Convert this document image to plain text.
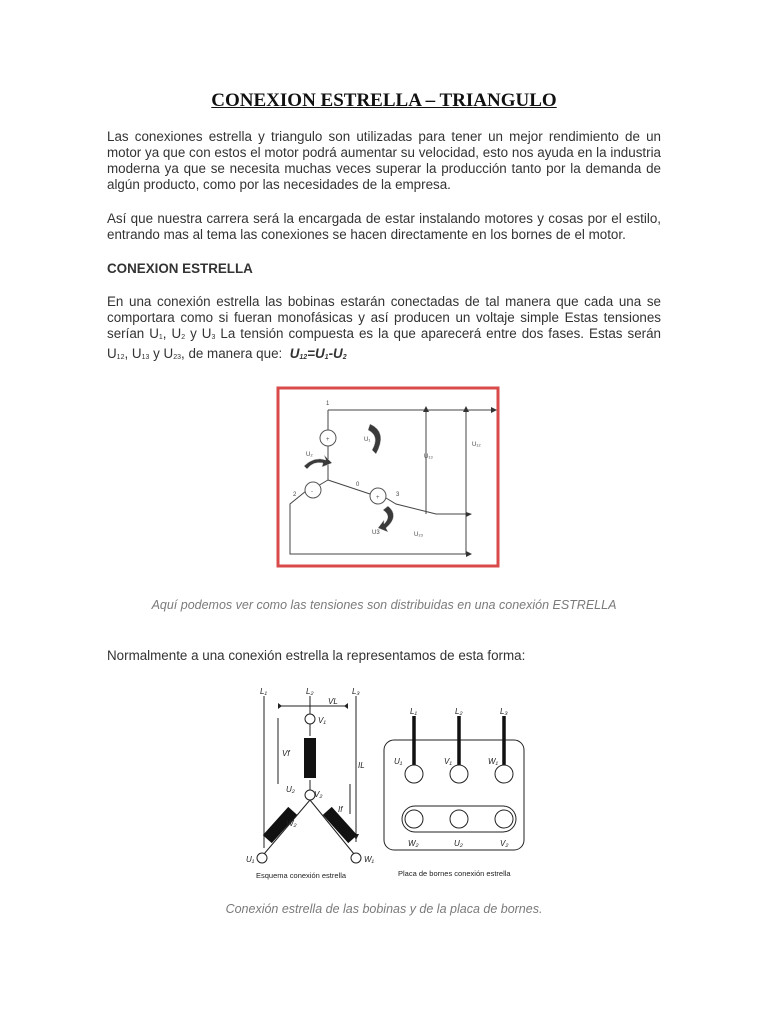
CONEXION ESTRELLA – TRIANGULO
Las conexiones estrella y triangulo son utilizadas para tener un mejor rendimiento de un motor ya que con estos el motor podrá aumentar su velocidad, esto nos ayuda en la industria moderna ya que se necesita muchas veces superar la producción tanto por la demanda de algún producto, como por las necesidades de la empresa.
Así que nuestra carrera será la encargada de estar instalando motores y cosas por el estilo, entrando mas al tema las conexiones se hacen directamente en los bornes de el motor.
CONEXION ESTRELLA
En una conexión estrella las bobinas estarán conectadas de tal manera que cada una se comportara como si fueran monofásicas y así producen un voltaje simple Estas tensiones serían $U_1$, $U_2$ y $U_3$ La tensión compuesta es la que aparecerá entre dos fases. Estas serán $U_{12}$, $U_{13}$ y $U_{23}$, de manera que: $U_{12}=U_1-U_2$
+
-
+
1
2	3
0
U₁
U₂
U3
U₁₂
U₁₃
U₂₃
Aquí podemos ver como las tensiones son distribuidas en una conexión ESTRELLA
Normalmente a una conexión estrella la representamos de esta forma:
L₁	L₂	L₃
V₁
VL
IL
Vf
If
U₂
V₂
W₂
U₁	W₁
Esquema conexión estrella
L₁	L₂	L₃
U₁	V₁	W₁
W₂	U₂	V₂
Placa de bornes conexión estrella
Conexión estrella de las bobinas y de la placa de bornes.
